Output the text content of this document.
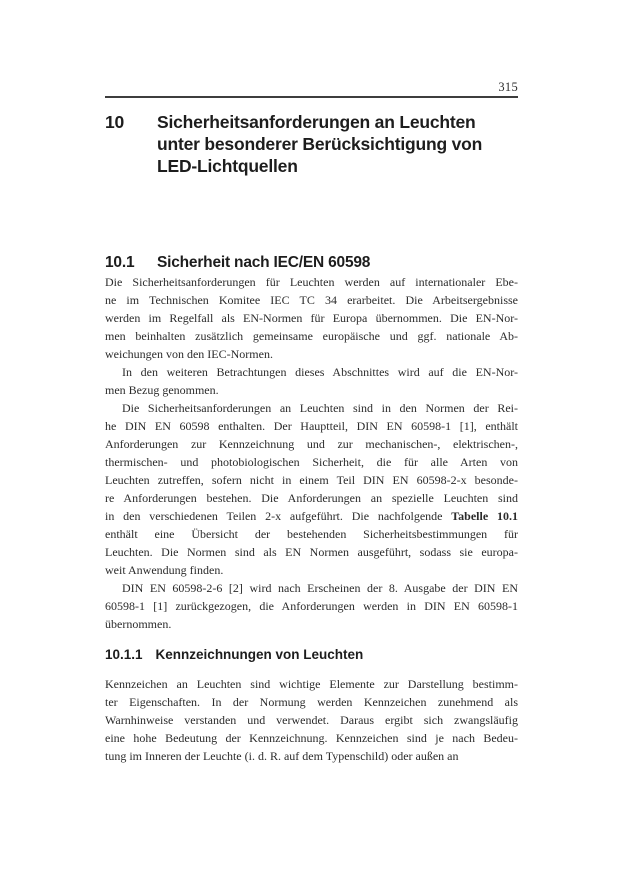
315
10	Sicherheitsanforderungen an Leuchten
unter besonderer Berücksichtigung von
LED-Lichtquellen
10.1	Sicherheit nach IEC/EN 60598
Die Sicherheitsanforderungen für Leuchten werden auf internationaler Ebe-
ne im Technischen Komitee IEC TC 34 erarbeitet. Die Arbeitsergebnisse
werden im Regelfall als EN-Normen für Europa übernommen. Die EN-Nor-
men beinhalten zusätzlich gemeinsame europäische und ggf. nationale Ab-
weichungen von den IEC-Normen.
In den weiteren Betrachtungen dieses Abschnittes wird auf die EN-Nor-
men Bezug genommen.
Die Sicherheitsanforderungen an Leuchten sind in den Normen der Rei-
he DIN EN 60598 enthalten. Der Hauptteil, DIN EN 60598-1 [1], enthält
Anforderungen zur Kennzeichnung und zur mechanischen-, elektrischen-,
thermischen- und photobiologischen Sicherheit, die für alle Arten von
Leuchten zutreffen, sofern nicht in einem Teil DIN EN 60598-2-x besonde-
re Anforderungen bestehen. Die Anforderungen an spezielle Leuchten sind
in den verschiedenen Teilen 2-x aufgeführt. Die nachfolgende Tabelle 10.1
enthält eine Übersicht der bestehenden Sicherheitsbestimmungen für
Leuchten. Die Normen sind als EN Normen ausgeführt, sodass sie europa-
weit Anwendung finden.
DIN EN 60598-2-6 [2] wird nach Erscheinen der 8. Ausgabe der DIN EN
60598-1 [1] zurückgezogen, die Anforderungen werden in DIN EN 60598-1
übernommen.
10.1.1 Kennzeichnungen von Leuchten
Kennzeichen an Leuchten sind wichtige Elemente zur Darstellung bestimm-
ter Eigenschaften. In der Normung werden Kennzeichen zunehmend als
Warnhinweise verstanden und verwendet. Daraus ergibt sich zwangsläufig
eine hohe Bedeutung der Kennzeichnung. Kennzeichen sind je nach Bedeu-
tung im Inneren der Leuchte (i. d. R. auf dem Typenschild) oder außen an
